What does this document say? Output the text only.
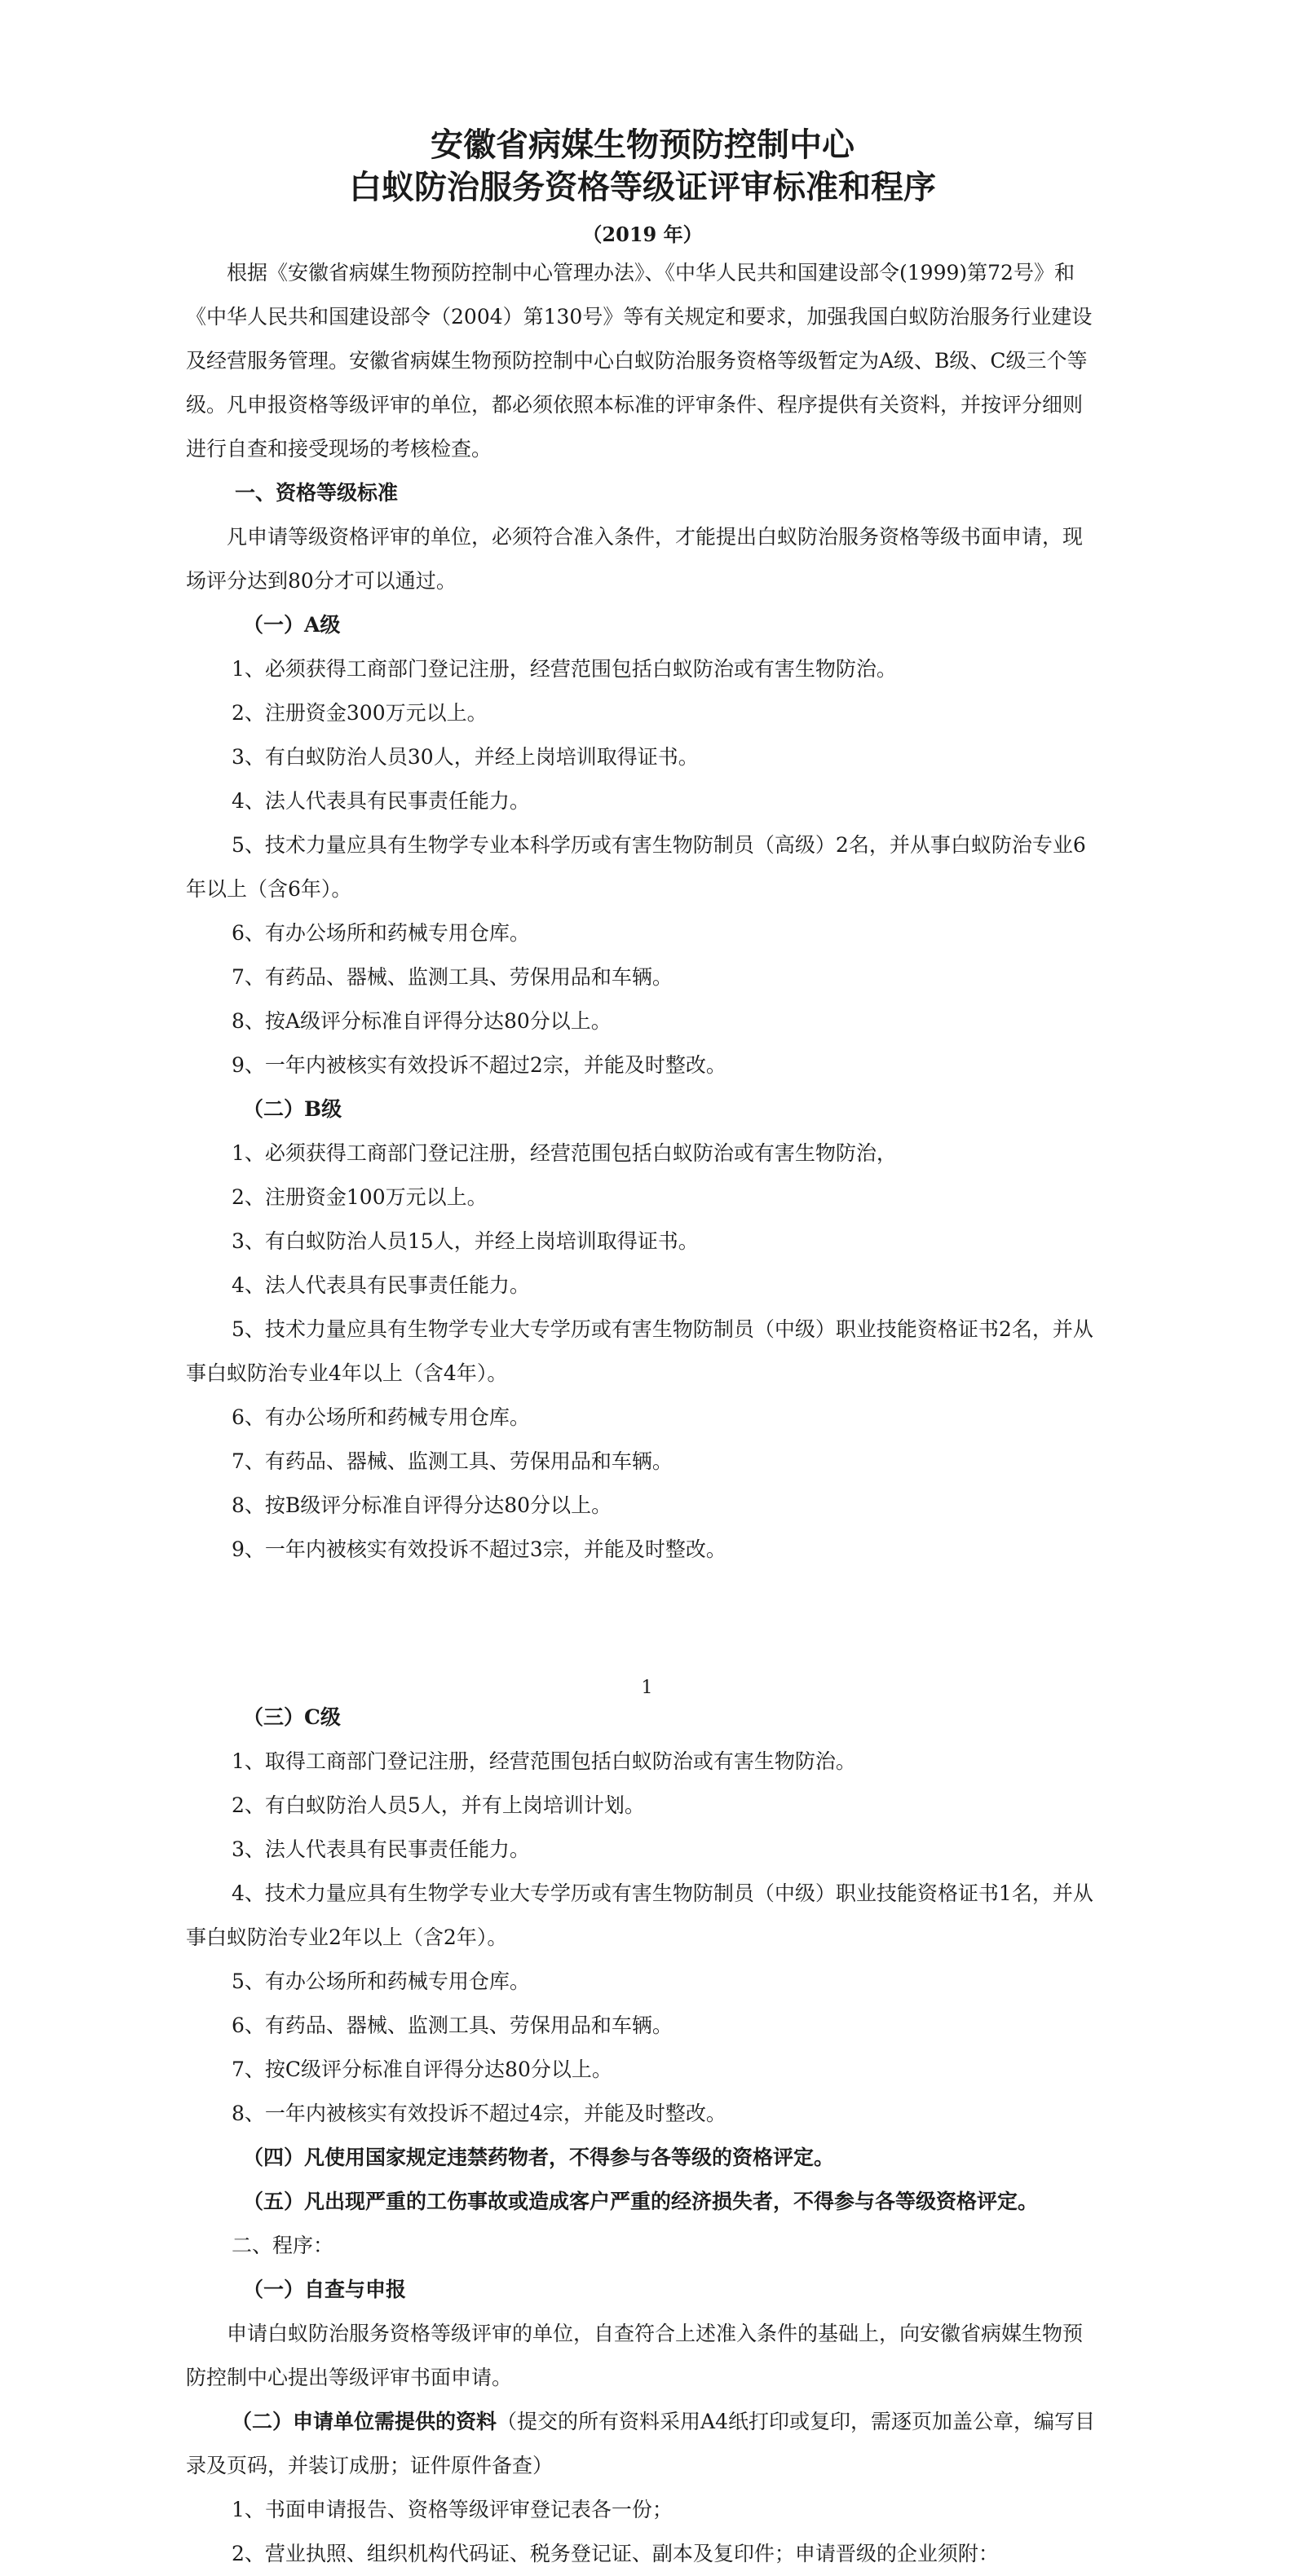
安徽省病媒生物预防控制中心
白蚁防治服务资格等级证评审标准和程序
（2019 年）

根据《安徽省病媒生物预防控制中心管理办法》、《中华人民共和国建设部令(1999)第72号》和《中华人民共和国建设部令（2004）第130号》等有关规定和要求，加强我国白蚁防治服务行业建设及经营服务管理。安徽省病媒生物预防控制中心白蚁防治服务资格等级暂定为A级、B级、C级三个等级。凡申报资格等级评审的单位，都必须依照本标准的评审条件、程序提供有关资料，并按评分细则进行自查和接受现场的考核检查。

一、资格等级标准

凡申请等级资格评审的单位，必须符合准入条件，才能提出白蚁防治服务资格等级书面申请，现场评分达到80分才可以通过。

（一）A级

1、必须获得工商部门登记注册，经营范围包括白蚁防治或有害生物防治。

2、注册资金300万元以上。

3、有白蚁防治人员30人，并经上岗培训取得证书。

4、法人代表具有民事责任能力。

5、技术力量应具有生物学专业本科学历或有害生物防制员（高级）2名，并从事白蚁防治专业6年以上（含6年）。

6、有办公场所和药械专用仓库。

7、有药品、器械、监测工具、劳保用品和车辆。

8、按A级评分标准自评得分达80分以上。

9、一年内被核实有效投诉不超过2宗，并能及时整改。

（二）B级

1、必须获得工商部门登记注册，经营范围包括白蚁防治或有害生物防治，

2、注册资金100万元以上。

3、有白蚁防治人员15人，并经上岗培训取得证书。

4、法人代表具有民事责任能力。

5、技术力量应具有生物学专业大专学历或有害生物防制员（中级）职业技能资格证书2名，并从事白蚁防治专业4年以上（含4年）。

6、有办公场所和药械专用仓库。

7、有药品、器械、监测工具、劳保用品和车辆。

8、按B级评分标准自评得分达80分以上。

9、一年内被核实有效投诉不超过3宗，并能及时整改。

1

（三）C级

1、取得工商部门登记注册，经营范围包括白蚁防治或有害生物防治。

2、有白蚁防治人员5人，并有上岗培训计划。

3、法人代表具有民事责任能力。

4、技术力量应具有生物学专业大专学历或有害生物防制员（中级）职业技能资格证书1名，并从事白蚁防治专业2年以上（含2年）。

5、有办公场所和药械专用仓库。

6、有药品、器械、监测工具、劳保用品和车辆。

7、按C级评分标准自评得分达80分以上。

8、一年内被核实有效投诉不超过4宗，并能及时整改。

（四）凡使用国家规定违禁药物者，不得参与各等级的资格评定。

（五）凡出现严重的工伤事故或造成客户严重的经济损失者，不得参与各等级资格评定。

二、程序：

（一）自查与申报

申请白蚁防治服务资格等级评审的单位，自查符合上述准入条件的基础上，向安徽省病媒生物预防控制中心提出等级评审书面申请。

（二）申请单位需提供的资料（提交的所有资料采用A4纸打印或复印，需逐页加盖公章，编写目录及页码，并装订成册；证件原件备查）

1、书面申请报告、资格等级评审登记表各一份；

2、营业执照、组织机构代码证、税务登记证、副本及复印件；申请晋级的企业须附：
